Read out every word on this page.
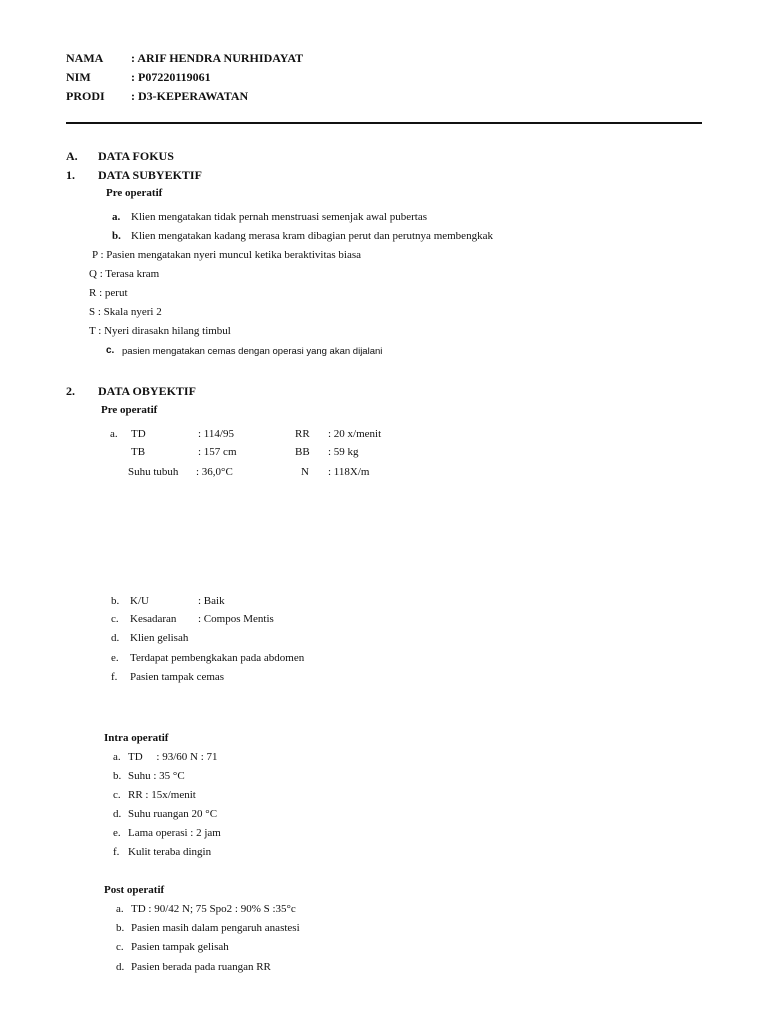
NAMA : ARIF HENDRA NURHIDAYAT
NIM	: P07220119061
PRODI : D3-KEPERAWATAN
A. DATA FOKUS
1. DATA SUBYEKTIF
Pre operatif
a. Klien mengatakan tidak pernah menstruasi semenjak awal pubertas
b. Klien mengatakan kadang merasa kram dibagian perut dan perutnya membengkak
P : Pasien mengatakan nyeri muncul ketika beraktivitas biasa
Q : Terasa kram
R : perut
S : Skala nyeri 2
T : Nyeri dirasakn hilang timbul
c. pasien mengatakan cemas dengan operasi yang akan dijalani
2. DATA OBYEKTIF
Pre operatif
a. TD	: 114/95	RR : 20 x/menit
TB	: 157 cm	BB : 59 kg
Suhu tubuh : 36,0°C	N : 118X/m
b. K/U	: Baik
c. Kesadaran : Compos Mentis
d. Klien gelisah
e. Terdapat pembengkakan pada abdomen
f. Pasien tampak cemas
Intra operatif
a. TD     : 93/60 N : 71
b. Suhu : 35 °C
c. RR : 15x/menit
d. Suhu ruangan 20 °C
e. Lama operasi : 2 jam
f. Kulit teraba dingin
Post operatif
a. TD : 90/42 N; 75 Spo2 : 90% S :35°c
b. Pasien masih dalam pengaruh anastesi
c. Pasien tampak gelisah
d. Pasien berada pada ruangan RR
